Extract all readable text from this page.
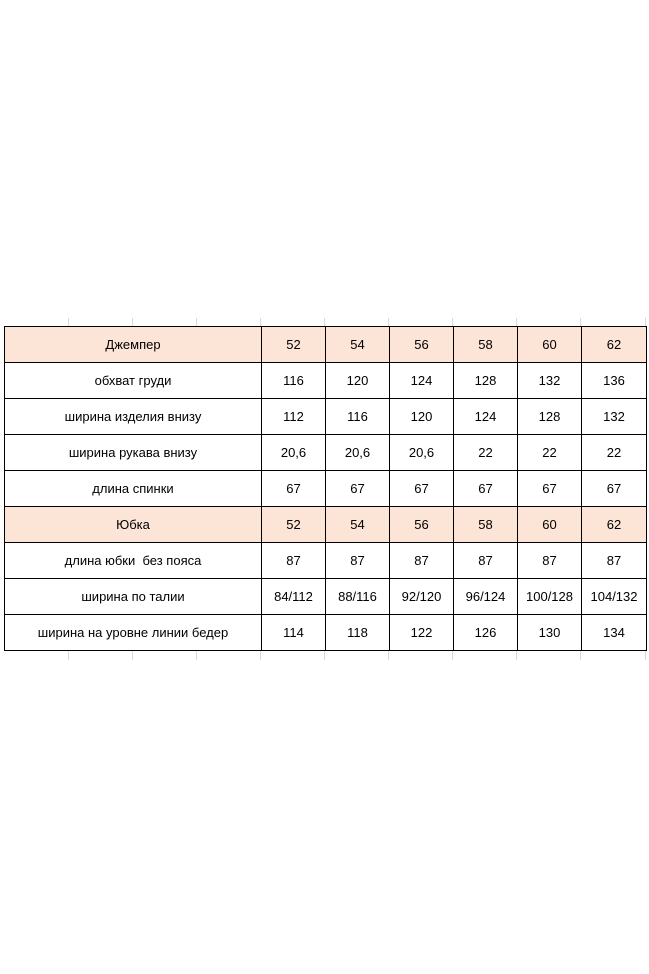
Джемпер	52	54	56	58	60	62
обхват груди	116	120	124	128	132	136
ширина изделия внизу	112	116	120	124	128	132
ширина рукава внизу	20,6	20,6	20,6	22	22	22
длина спинки	67	67	67	67	67	67
Юбка	52	54	56	58	60	62
длина юбки  без пояса	87	87	87	87	87	87
ширина по талии	84/112	88/116	92/120	96/124	100/128	104/132
ширина на уровне линии бедер	114	118	122	126	130	134
